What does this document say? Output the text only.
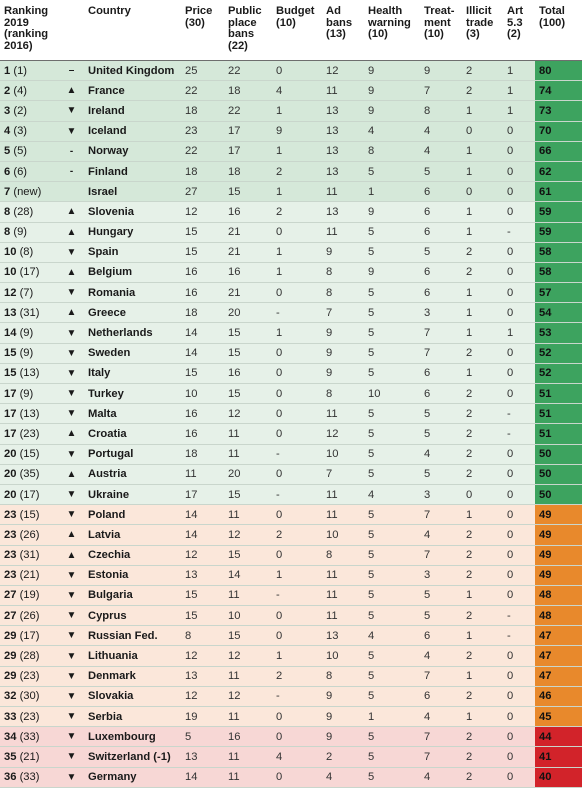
Ranking
2019
(ranking
2016)		Country	Price
(30)	Public
place
bans
(22)	Budget
(10)	Ad
bans
(13)	Health
warning
(10)	Treat-
ment
(10)	Illicit
trade
(3)	Art
5.3
(2)	Total
(100)
1 (1)	–	United Kingdom	25	22	0	12	9	9	2	1	80
2 (4)	▲	France	22	18	4	11	9	7	2	1	74
3 (2)	▼	Ireland	18	22	1	13	9	8	1	1	73
4 (3)	▼	Iceland	23	17	9	13	4	4	0	0	70
5 (5)	-	Norway	22	17	1	13	8	4	1	0	66
6 (6)	-	Finland	18	18	2	13	5	5	1	0	62
7 (new)		Israel	27	15	1	11	1	6	0	0	61
8 (28)	▲	Slovenia	12	16	2	13	9	6	1	0	59
8 (9)	▲	Hungary	15	21	0	11	5	6	1	-	59
10 (8)	▼	Spain	15	21	1	9	5	5	2	0	58
10 (17)	▲	Belgium	16	16	1	8	9	6	2	0	58
12 (7)	▼	Romania	16	21	0	8	5	6	1	0	57
13 (31)	▲	Greece	18	20	-	7	5	3	1	0	54
14 (9)	▼	Netherlands	14	15	1	9	5	7	1	1	53
15 (9)	▼	Sweden	14	15	0	9	5	7	2	0	52
15 (13)	▼	Italy	15	16	0	9	5	6	1	0	52
17 (9)	▼	Turkey	10	15	0	8	10	6	2	0	51
17 (13)	▼	Malta	16	12	0	11	5	5	2	-	51
17 (23)	▲	Croatia	16	11	0	12	5	5	2	-	51
20 (15)	▼	Portugal	18	11	-	10	5	4	2	0	50
20 (35)	▲	Austria	11	20	0	7	5	5	2	0	50
20 (17)	▼	Ukraine	17	15	-	11	4	3	0	0	50
23 (15)	▼	Poland	14	11	0	11	5	7	1	0	49
23 (26)	▲	Latvia	14	12	2	10	5	4	2	0	49
23 (31)	▲	Czechia	12	15	0	8	5	7	2	0	49
23 (21)	▼	Estonia	13	14	1	11	5	3	2	0	49
27 (19)	▼	Bulgaria	15	11	-	11	5	5	1	0	48
27 (26)	▼	Cyprus	15	10	0	11	5	5	2	-	48
29 (17)	▼	Russian Fed.	8	15	0	13	4	6	1	-	47
29 (28)	▼	Lithuania	12	12	1	10	5	4	2	0	47
29 (23)	▼	Denmark	13	11	2	8	5	7	1	0	47
32 (30)	▼	Slovakia	12	12	-	9	5	6	2	0	46
33 (23)	▼	Serbia	19	11	0	9	1	4	1	0	45
34 (33)	▼	Luxembourg	5	16	0	9	5	7	2	0	44
35 (21)	▼	Switzerland (-1)	13	11	4	2	5	7	2	0	41
36 (33)	▼	Germany	14	11	0	4	5	4	2	0	40
